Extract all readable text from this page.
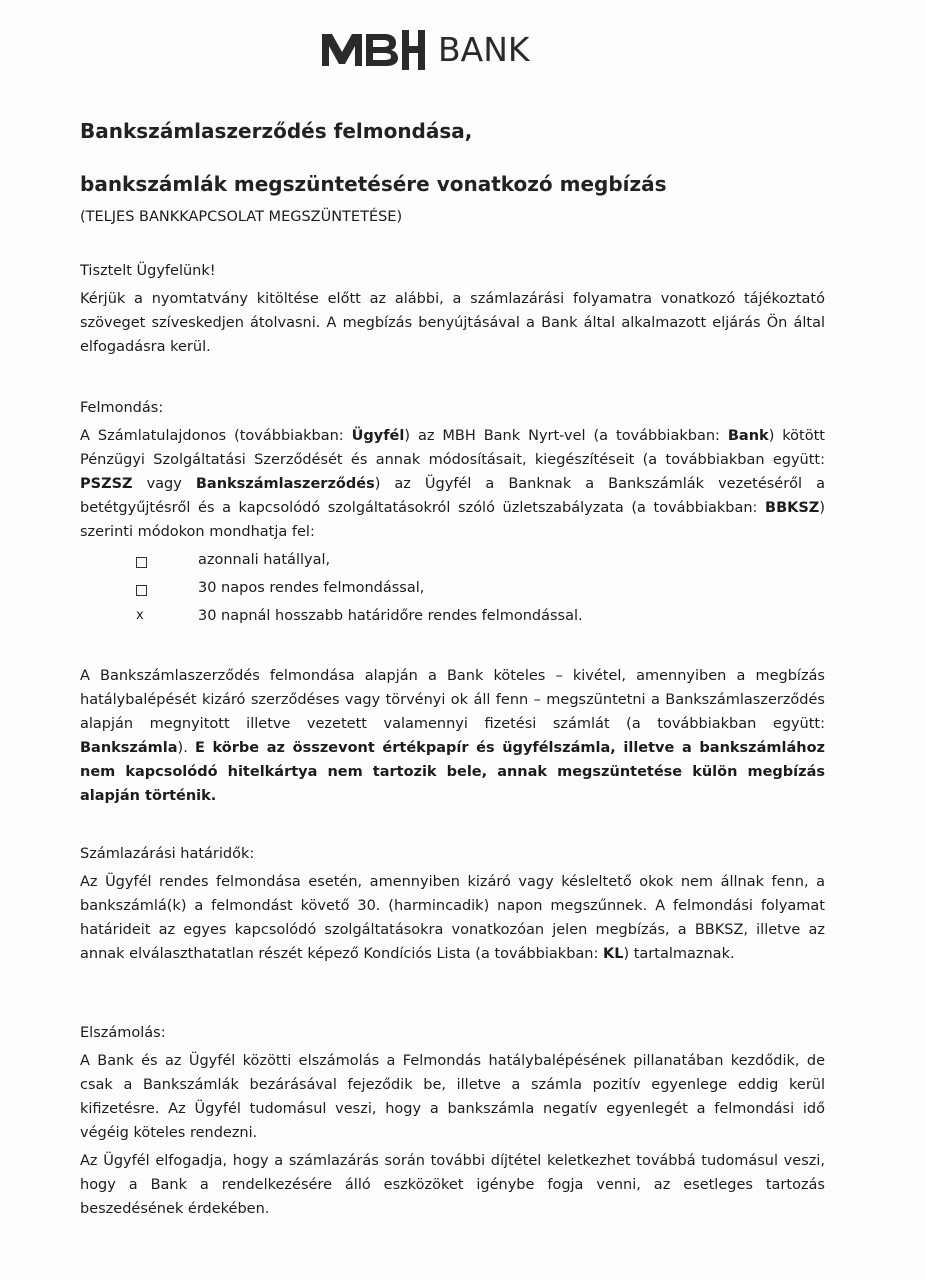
BANK
Bankszámlaszerződés felmondása,
bankszámlák megszüntetésére vonatkozó megbízás
(TELJES BANKKAPCSOLAT MEGSZÜNTETÉSE)
Tisztelt Ügyfelünk!
Kérjük a nyomtatvány kitöltése előtt az alábbi, a számlazárási folyamatra vonatkozó tájékoztató szöveget szíveskedjen átolvasni. A megbízás benyújtásával a Bank által alkalmazott eljárás Ön által elfogadásra kerül.
Felmondás:
A Számlatulajdonos (továbbiakban: Ügyfél) az MBH Bank Nyrt-vel (a továbbiakban: Bank) kötött Pénzügyi Szolgáltatási Szerződését és annak módosításait, kiegészítéseit (a továbbiakban együtt: PSZSZ vagy Bankszámlaszerződés) az Ügyfél a Banknak a Bankszámlák vezetéséről a betétgyűjtésről és a kapcsolódó szolgáltatásokról szóló üzletszabályzata (a továbbiakban: BBKSZ) szerinti módokon mondhatja fel:
azonnali hatállyal,
30 napos rendes felmondással,
x	30 napnál hosszabb határidőre rendes felmondással.
A Bankszámlaszerződés felmondása alapján a Bank köteles – kivétel, amennyiben a megbízás hatálybalépését kizáró szerződéses vagy törvényi ok áll fenn – megszüntetni a Bankszámlaszerződés alapján megnyitott illetve vezetett valamennyi fizetési számlát (a továbbiakban együtt: Bankszámla). E körbe az összevont értékpapír és ügyfélszámla, illetve a bankszámlához nem kapcsolódó hitelkártya nem tartozik bele, annak megszüntetése külön megbízás alapján történik.
Számlazárási határidők:
Az Ügyfél rendes felmondása esetén, amennyiben kizáró vagy késleltető okok nem állnak fenn, a bankszámlá(k) a felmondást követő 30. (harmincadik) napon megszűnnek. A felmondási folyamat határideit az egyes kapcsolódó szolgáltatásokra vonatkozóan jelen megbízás, a BBKSZ, illetve az annak elválaszthatatlan részét képező Kondíciós Lista (a továbbiakban: KL) tartalmaznak.
Elszámolás:
A Bank és az Ügyfél közötti elszámolás a Felmondás hatálybalépésének pillanatában kezdődik, de csak a Bankszámlák bezárásával fejeződik be, illetve a számla pozitív egyenlege eddig kerül kifizetésre. Az Ügyfél tudomásul veszi, hogy a bankszámla negatív egyenlegét a felmondási idő végéig köteles rendezni.
Az Ügyfél elfogadja, hogy a számlazárás során további díjtétel keletkezhet továbbá tudomásul veszi, hogy a Bank a rendelkezésére álló eszközöket igénybe fogja venni, az esetleges tartozás beszedésének érdekében.
